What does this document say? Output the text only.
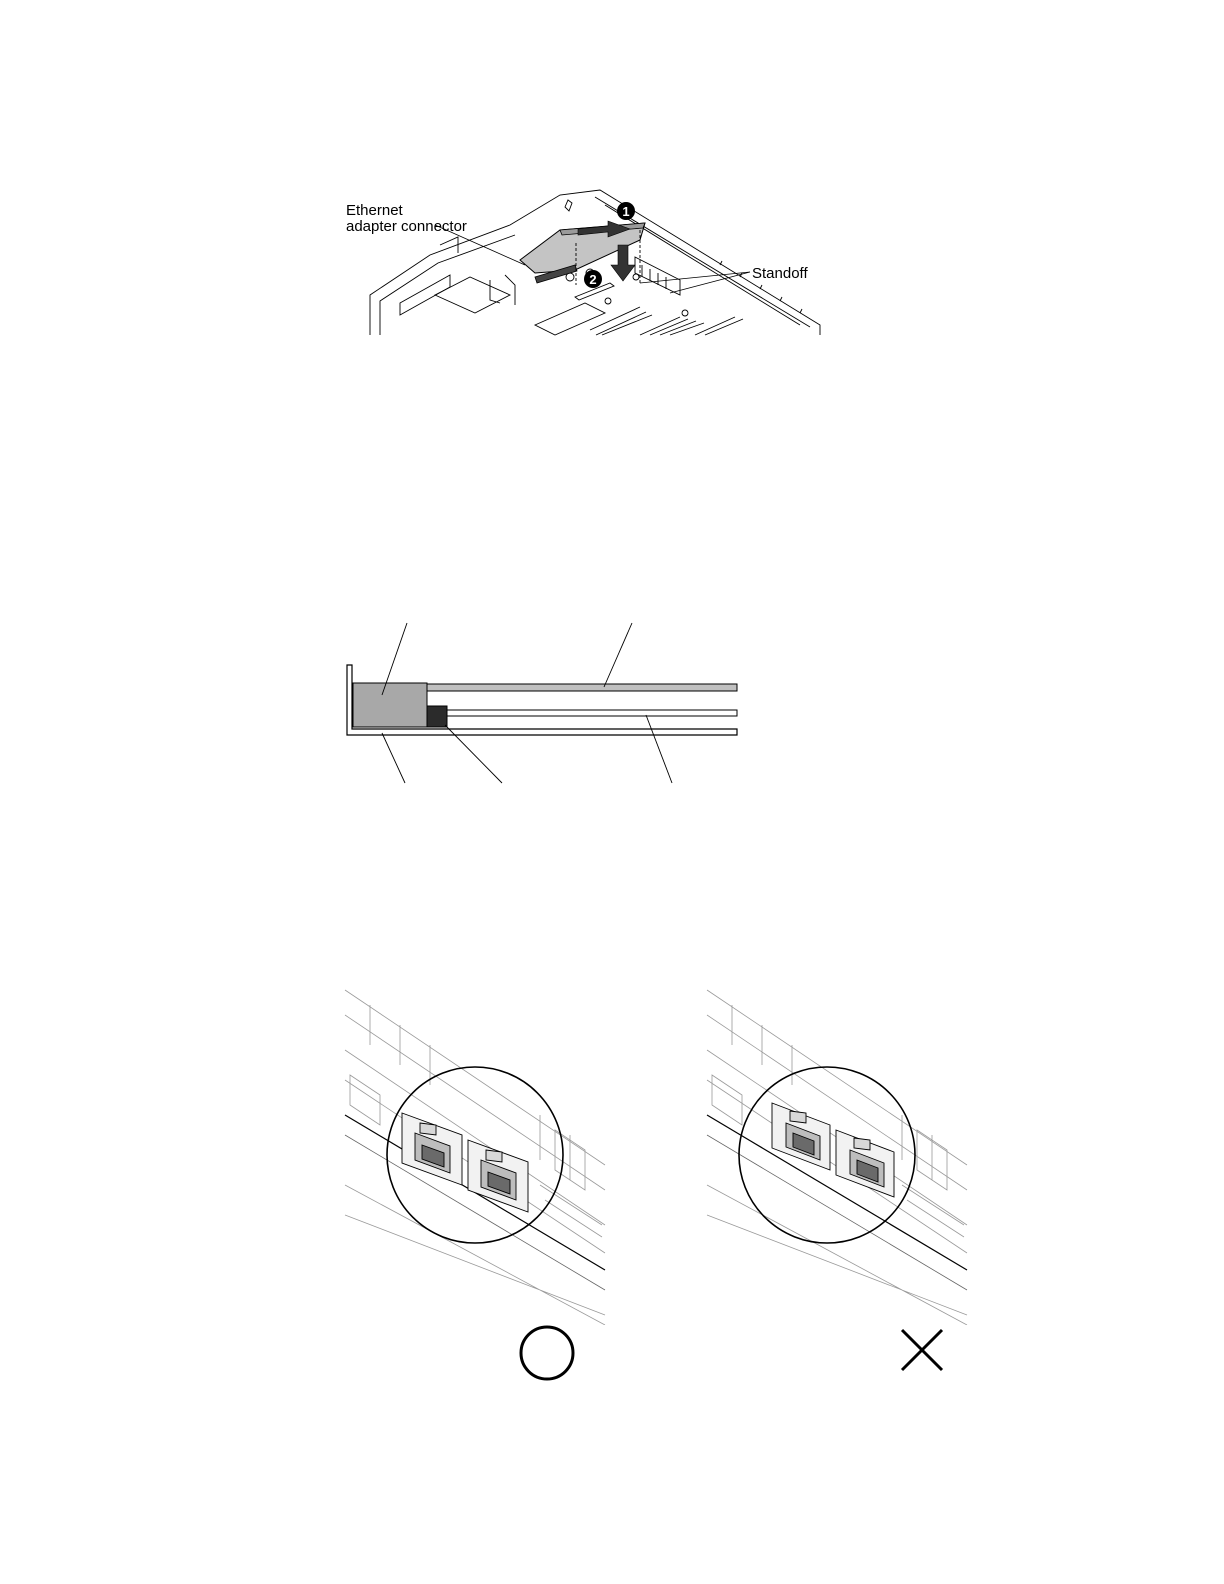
Ethernet
adapter connector
Standoff
1
2
